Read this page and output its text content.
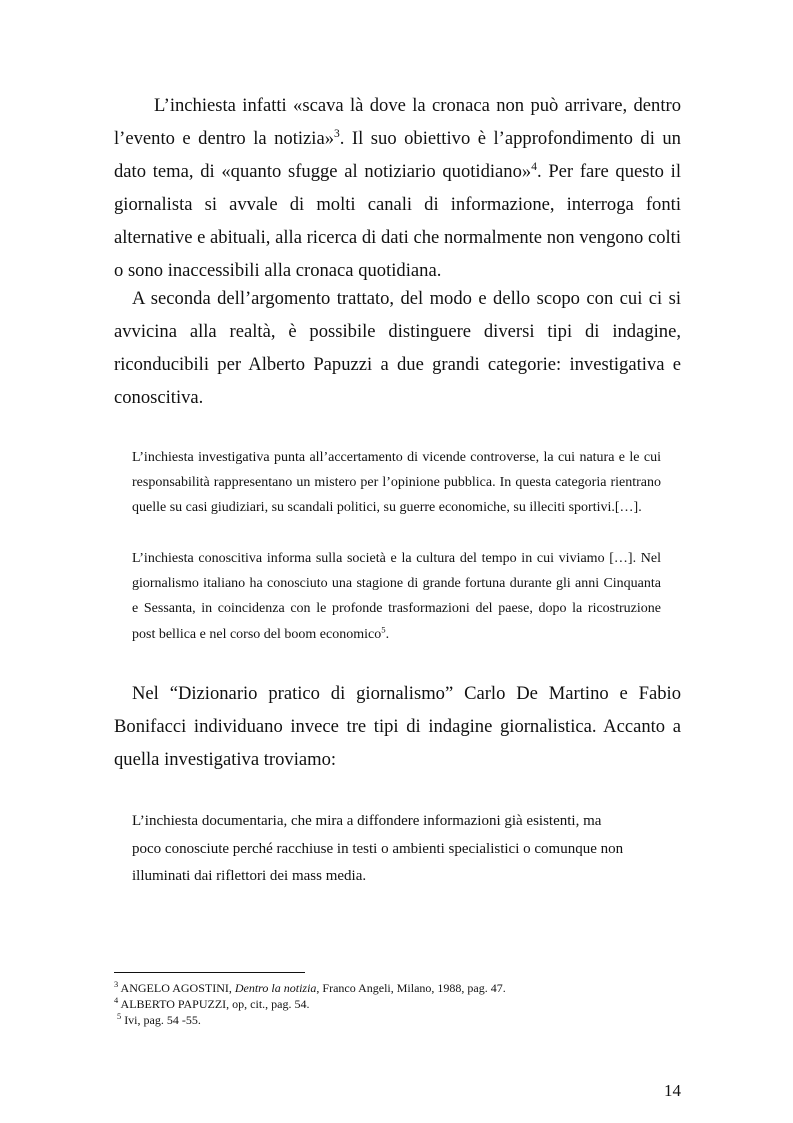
L’inchiesta infatti «scava là dove la cronaca non può arrivare, dentro l’evento e dentro la notizia»$^3$. Il suo obiettivo è l’approfondimento di un dato tema, di «quanto sfugge al notiziario quotidiano»$^4$. Per fare questo il giornalista si avvale di molti canali di informazione, interroga fonti alternative e abituali, alla ricerca di dati che normalmente non vengono colti o sono inaccessibili alla cronaca quotidiana.

A seconda dell’argomento trattato, del modo e dello scopo con cui ci si avvicina alla realtà, è possibile distinguere diversi tipi di indagine, riconducibili per Alberto Papuzzi a due grandi categorie: investigativa e conoscitiva.

L’inchiesta investigativa punta all’accertamento di vicende controverse, la cui natura e le cui responsabilità rappresentano un mistero per l’opinione pubblica. In questa categoria rientrano quelle su casi giudiziari, su scandali politici, su guerre economiche, su illeciti sportivi.[…].

L’inchiesta conoscitiva informa sulla società e la cultura del tempo in cui viviamo […]. Nel giornalismo italiano ha conosciuto una stagione di grande fortuna durante gli anni Cinquanta e Sessanta, in coincidenza con le profonde trasformazioni del paese, dopo la ricostruzione post bellica e nel corso del boom economico$^5$.

Nel “Dizionario pratico di giornalismo” Carlo De Martino e Fabio Bonifacci individuano invece tre tipi di indagine giornalistica. Accanto a quella investigativa troviamo:

L’inchiesta documentaria, che mira a diffondere informazioni già esistenti, ma
poco conosciute perché racchiuse in testi o ambienti specialistici o comunque non
illuminati dai riflettori dei mass media.

$^3$ ANGELO AGOSTINI, Dentro la notizia, Franco Angeli, Milano, 1988, pag. 47.

$^4$ ALBERTO PAPUZZI, op, cit., pag. 54.

$^5$ Ivi, pag. 54 -55.

14
